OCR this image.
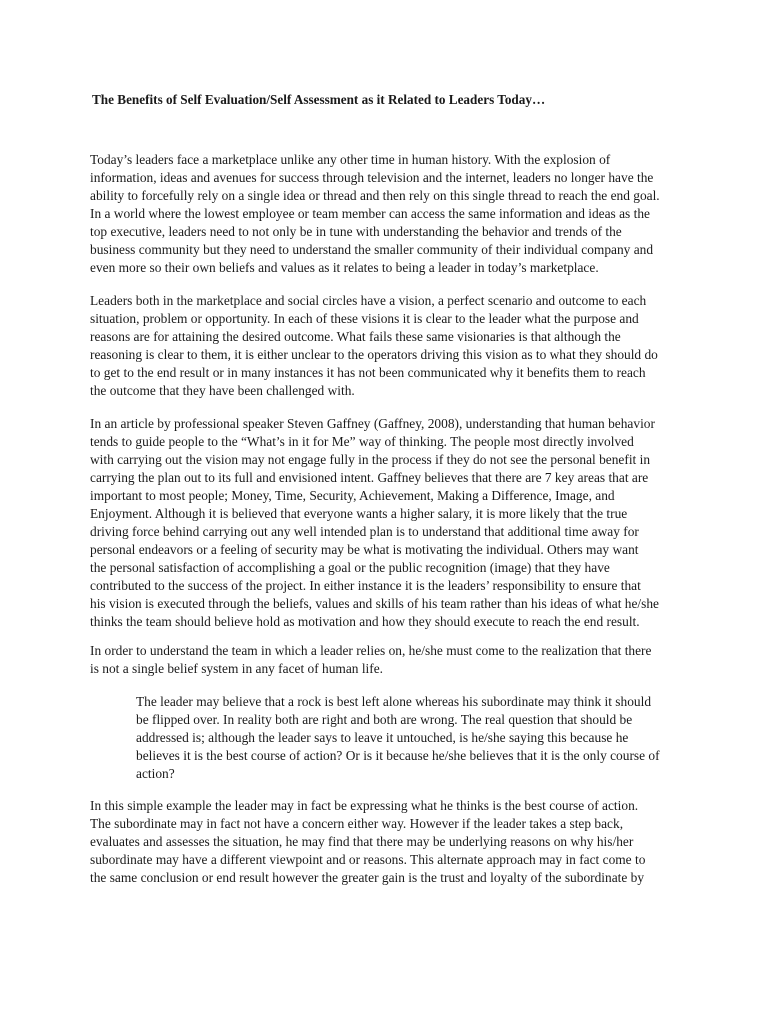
The Benefits of Self Evaluation/Self Assessment as it Related to Leaders Today…

Today’s leaders face a marketplace unlike any other time in human history. With the explosion of
information, ideas and avenues for success through television and the internet, leaders no longer have the
ability to forcefully rely on a single idea or thread and then rely on this single thread to reach the end goal.
In a world where the lowest employee or team member can access the same information and ideas as the
top executive, leaders need to not only be in tune with understanding the behavior and trends of the
business community but they need to understand the smaller community of their individual company and
even more so their own beliefs and values as it relates to being a leader in today’s marketplace.

Leaders both in the marketplace and social circles have a vision, a perfect scenario and outcome to each
situation, problem or opportunity. In each of these visions it is clear to the leader what the purpose and
reasons are for attaining the desired outcome. What fails these same visionaries is that although the
reasoning is clear to them, it is either unclear to the operators driving this vision as to what they should do
to get to the end result or in many instances it has not been communicated why it benefits them to reach
the outcome that they have been challenged with.

In an article by professional speaker Steven Gaffney (Gaffney, 2008), understanding that human behavior
tends to guide people to the “What’s in it for Me” way of thinking. The people most directly involved
with carrying out the vision may not engage fully in the process if they do not see the personal benefit in
carrying the plan out to its full and envisioned intent. Gaffney believes that there are 7 key areas that are
important to most people; Money, Time, Security, Achievement, Making a Difference, Image, and
Enjoyment. Although it is believed that everyone wants a higher salary, it is more likely that the true
driving force behind carrying out any well intended plan is to understand that additional time away for
personal endeavors or a feeling of security may be what is motivating the individual. Others may want
the personal satisfaction of accomplishing a goal or the public recognition (image) that they have
contributed to the success of the project. In either instance it is the leaders’ responsibility to ensure that
his vision is executed through the beliefs, values and skills of his team rather than his ideas of what he/she
thinks the team should believe hold as motivation and how they should execute to reach the end result.

In order to understand the team in which a leader relies on, he/she must come to the realization that there
is not a single belief system in any facet of human life.

The leader may believe that a rock is best left alone whereas his subordinate may think it should
be flipped over. In reality both are right and both are wrong. The real question that should be
addressed is; although the leader says to leave it untouched, is he/she saying this because he
believes it is the best course of action? Or is it because he/she believes that it is the only course of
action?

In this simple example the leader may in fact be expressing what he thinks is the best course of action.
The subordinate may in fact not have a concern either way. However if the leader takes a step back,
evaluates and assesses the situation, he may find that there may be underlying reasons on why his/her
subordinate may have a different viewpoint and or reasons. This alternate approach may in fact come to
the same conclusion or end result however the greater gain is the trust and loyalty of the subordinate by
